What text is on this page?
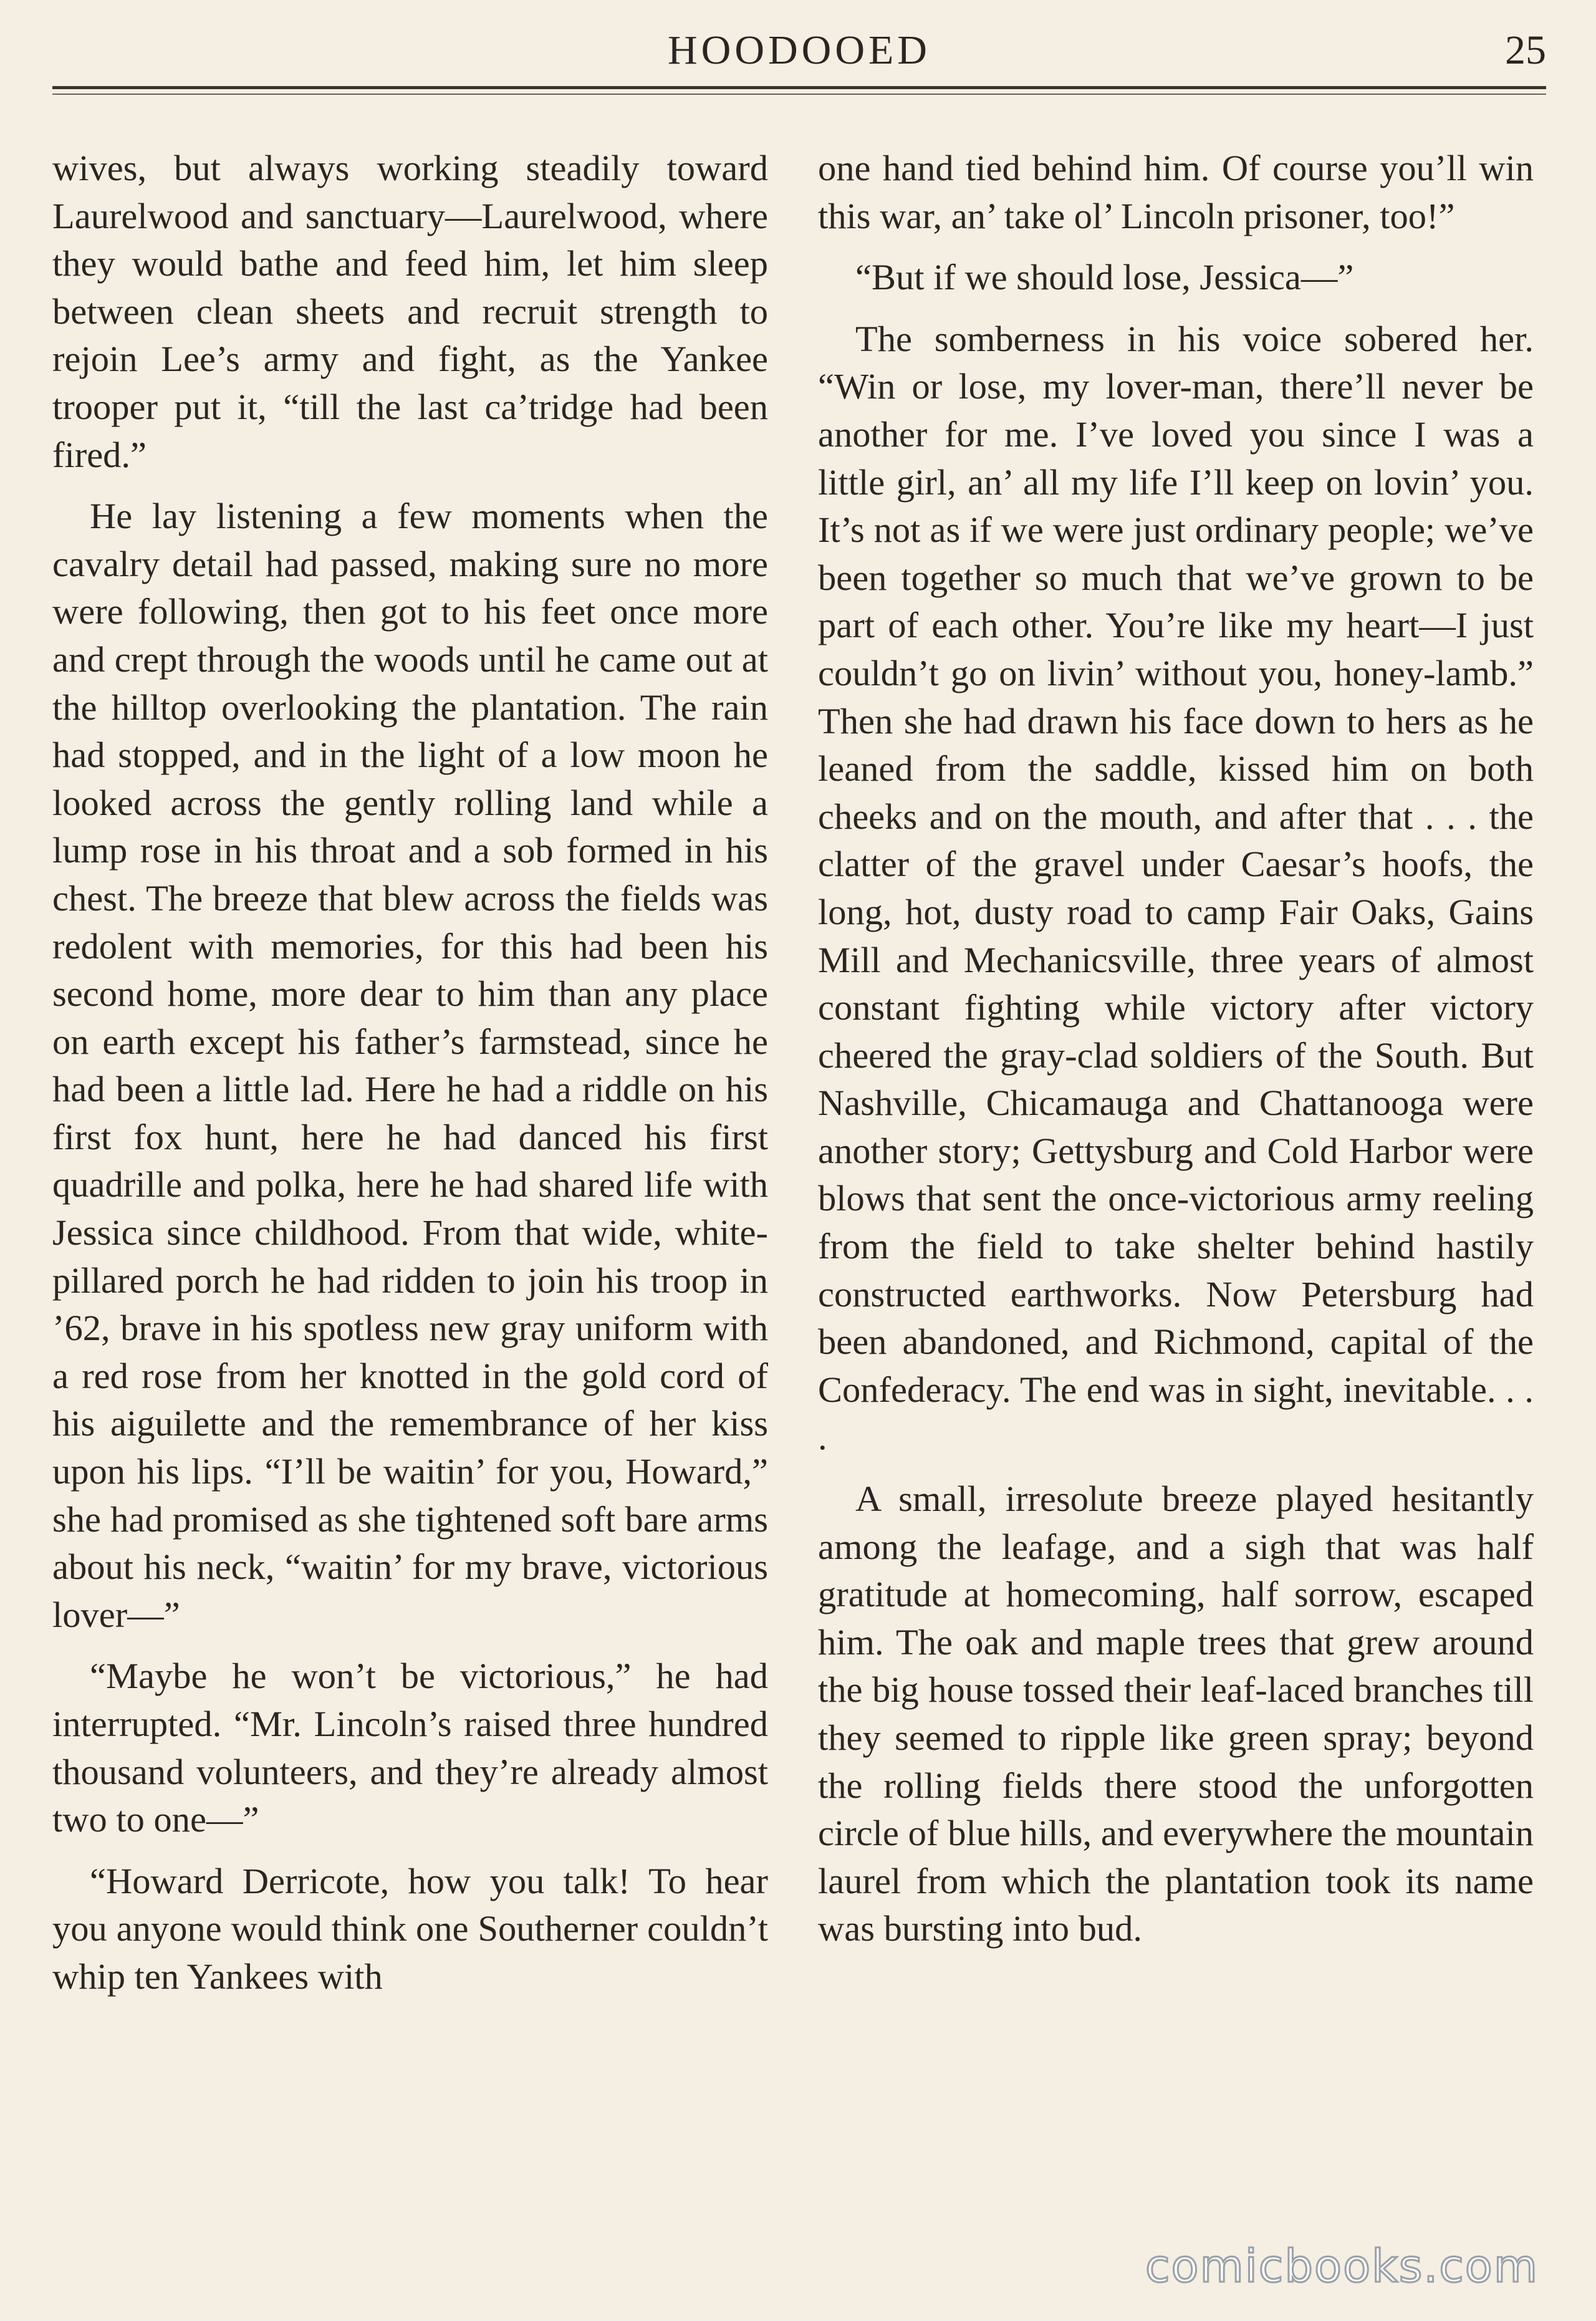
HOODOOED	25

wives, but always working steadily toward Laurelwood and sanctuary—Laurelwood, where they would bathe and feed him, let him sleep between clean sheets and recruit strength to rejoin Lee’s army and fight, as the Yankee trooper put it, “till the last ca’tridge had been fired.”

He lay listening a few moments when the cavalry detail had passed, making sure no more were following, then got to his feet once more and crept through the woods until he came out at the hilltop overlooking the plantation. The rain had stopped, and in the light of a low moon he looked across the gently rolling land while a lump rose in his throat and a sob formed in his chest. The breeze that blew across the fields was redolent with memories, for this had been his second home, more dear to him than any place on earth except his father’s farmstead, since he had been a little lad. Here he had a riddle on his first fox hunt, here he had danced his first quadrille and polka, here he had shared life with Jessica since childhood. From that wide, white-pillared porch he had ridden to join his troop in ’62, brave in his spotless new gray uniform with a red rose from her knotted in the gold cord of his aiguilette and the remembrance of her kiss upon his lips. “I’ll be waitin’ for you, Howard,” she had promised as she tightened soft bare arms about his neck, “waitin’ for my brave, victorious lover—”

“Maybe he won’t be victorious,” he had interrupted. “Mr. Lincoln’s raised three hundred thousand volunteers, and they’re already almost two to one—”

“Howard Derricote, how you talk! To hear you anyone would think one Southerner couldn’t whip ten Yankees with

one hand tied behind him. Of course you’ll win this war, an’ take ol’ Lincoln prisoner, too!”

“But if we should lose, Jessica—”

The somberness in his voice sobered her. “Win or lose, my lover-man, there’ll never be another for me. I’ve loved you since I was a little girl, an’ all my life I’ll keep on lovin’ you. It’s not as if we were just ordinary people; we’ve been together so much that we’ve grown to be part of each other. You’re like my heart—I just couldn’t go on livin’ without you, honey-lamb.” Then she had drawn his face down to hers as he leaned from the saddle, kissed him on both cheeks and on the mouth, and after that . . . the clatter of the gravel under Caesar’s hoofs, the long, hot, dusty road to camp Fair Oaks, Gains Mill and Mechanicsville, three years of almost constant fighting while victory after victory cheered the gray-clad soldiers of the South. But Nashville, Chicamauga and Chattanooga were another story; Gettysburg and Cold Harbor were blows that sent the once-victorious army reeling from the field to take shelter behind hastily constructed earthworks. Now Petersburg had been abandoned, and Richmond, capital of the Confederacy. The end was in sight, inevitable. . . .

A small, irresolute breeze played hesitantly among the leafage, and a sigh that was half gratitude at homecoming, half sorrow, escaped him. The oak and maple trees that grew around the big house tossed their leaf-laced branches till they seemed to ripple like green spray; beyond the rolling fields there stood the unforgotten circle of blue hills, and everywhere the mountain laurel from which the plantation took its name was bursting into bud.

comicbooks.com
